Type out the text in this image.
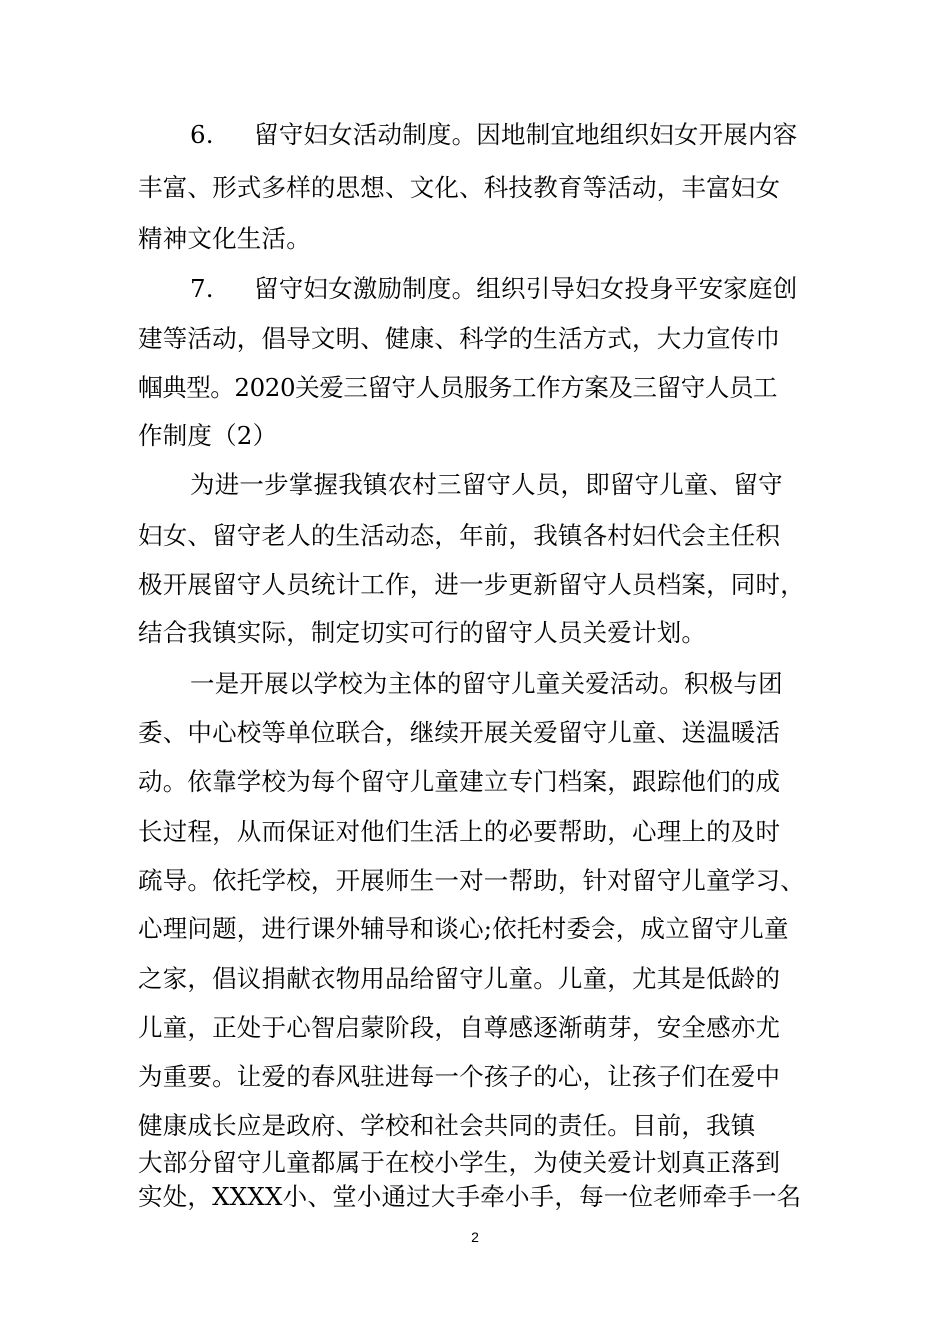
6. 留守妇女活动制度。因地制宜地组织妇女开展内容
丰富、形式多样的思想、文化、科技教育等活动，丰富妇女
精神文化生活。
7. 留守妇女激励制度。组织引导妇女投身平安家庭创
建等活动，倡导文明、健康、科学的生活方式，大力宣传巾
帼典型。2020关爱三留守人员服务工作方案及三留守人员工
作制度（2）
为进一步掌握我镇农村三留守人员，即留守儿童、留守
妇女、留守老人的生活动态，年前，我镇各村妇代会主任积
极开展留守人员统计工作，进一步更新留守人员档案，同时，
结合我镇实际，制定切实可行的留守人员关爱计划。
一是开展以学校为主体的留守儿童关爱活动。积极与团
委、中心校等单位联合，继续开展关爱留守儿童、送温暖活
动。依靠学校为每个留守儿童建立专门档案，跟踪他们的成
长过程，从而保证对他们生活上的必要帮助，心理上的及时
疏导。依托学校，开展师生一对一帮助，针对留守儿童学习、
心理问题，进行课外辅导和谈心;依托村委会，成立留守儿童
之家，倡议捐献衣物用品给留守儿童。儿童，尤其是低龄的
儿童，正处于心智启蒙阶段，自尊感逐渐萌芽，安全感亦尤
为重要。让爱的春风驻进每一个孩子的心，让孩子们在爱中
健康成长应是政府、学校和社会共同的责任。目前，我镇
大部分留守儿童都属于在校小学生，为使关爱计划真正落到
实处，XXXX小、堂小通过大手牵小手，每一位老师牵手一名
2
